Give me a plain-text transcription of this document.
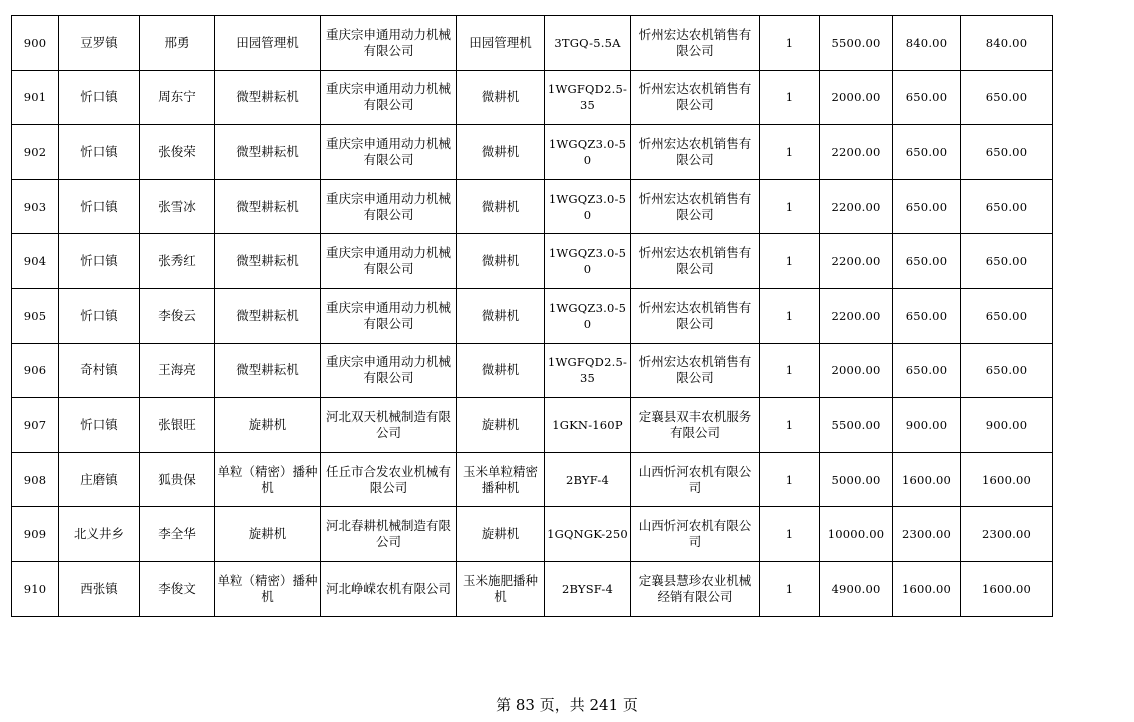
900	豆罗镇	邢勇	田园管理机	重庆宗申通用动力机械有限公司	田园管理机	3TGQ-5.5A	忻州宏达农机销售有限公司	1	5500.00	840.00	840.00
901	忻口镇	周东宁	微型耕耘机	重庆宗申通用动力机械有限公司	微耕机	1WGFQD2.5-35	忻州宏达农机销售有限公司	1	2000.00	650.00	650.00
902	忻口镇	张俊荣	微型耕耘机	重庆宗申通用动力机械有限公司	微耕机	1WGQZ3.0-50	忻州宏达农机销售有限公司	1	2200.00	650.00	650.00
903	忻口镇	张雪冰	微型耕耘机	重庆宗申通用动力机械有限公司	微耕机	1WGQZ3.0-50	忻州宏达农机销售有限公司	1	2200.00	650.00	650.00
904	忻口镇	张秀红	微型耕耘机	重庆宗申通用动力机械有限公司	微耕机	1WGQZ3.0-50	忻州宏达农机销售有限公司	1	2200.00	650.00	650.00
905	忻口镇	李俊云	微型耕耘机	重庆宗申通用动力机械有限公司	微耕机	1WGQZ3.0-50	忻州宏达农机销售有限公司	1	2200.00	650.00	650.00
906	奇村镇	王海亮	微型耕耘机	重庆宗申通用动力机械有限公司	微耕机	1WGFQD2.5-35	忻州宏达农机销售有限公司	1	2000.00	650.00	650.00
907	忻口镇	张银旺	旋耕机	河北双天机械制造有限公司	旋耕机	1GKN-160P	定襄县双丰农机服务有限公司	1	5500.00	900.00	900.00
908	庄磨镇	狐贵保	单粒（精密）播种机	任丘市合发农业机械有限公司	玉米单粒精密播种机	2BYF-4	山西忻河农机有限公司	1	5000.00	1600.00	1600.00
909	北义井乡	李全华	旋耕机	河北春耕机械制造有限公司	旋耕机	1GQNGK-250	山西忻河农机有限公司	1	10000.00	2300.00	2300.00
910	西张镇	李俊文	单粒（精密）播种机	河北峥嵘农机有限公司	玉米施肥播种机	2BYSF-4	定襄县慧珍农业机械经销有限公司	1	4900.00	1600.00	1600.00
第 83 页，共 241 页
